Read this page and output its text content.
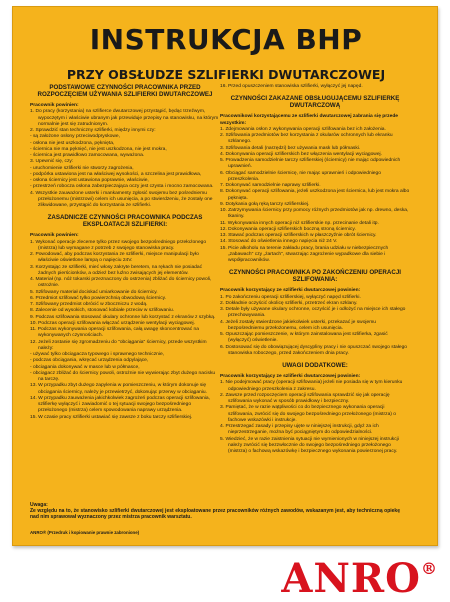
INSTRUKCJA BHP
PRZY OBSŁUDZE SZLIFIERKI DWUTARCZOWEJ

PODSTAWOWE CZYNNOŚCI PRACOWNIKA PRZED ROZPOCZĘCIEM UŻYWANIA SZLIFIERKI DWUTARCZOWEJ

Pracownik powinien:

1. Do pracy (korzystania) na szlifierce dwutarczowej przystąpić, będąc trzeźwym, wypoczętym i właściwie ubranym jak przewiduje przepisy na stanowisku, na którym normalnie jest się zatrudnionym.

2. Sprawdzić stan techniczny szlifierki, między innymi czy:

- są założone osłony przeciwodpryskowe,

- osłona nie jest uszkodzona, pęknięta,

- ściernica nie ma pęknięć, nie jest uszkodzona, nie jest mokra,

- ściernica jest prawidłowo zamocowana, wyważona.

3. Upewnić się, czy:

- uruchomienie szlifierki nie stworzy zagrożenia,

- podpórka ustawiona jest na właściwej wysokości, a szczelina jest prawidłowa,

- osłona ściernicy jest ustawiona poprawnie, właściwie,

- przestrzeń robocza osłona zabezpieczająca oczy jest czysta i mocno zamocowana.

4. Wszystkie zauważone usterki i mankamenty zgłosić swojemu bez pośredniemu przełożonemu (mistrzowi) celem ich usunięcia, a po stwierdzeniu, że zostały one zlikwidowane, przystąpić do korzystania ze szlifierki.

ZASADNICZE CZYNNOŚCI PRACOWNIKA PODCZAS EKSPLOATACJI SZLIFIERKI:

Pracownik powinien:

1. Wykonać operacje zleceme tylko przez swojego bezpośredniego przełożonego (mistrza) lub wymagane z potrzeb z swojego stanowiska pracy.

2. Powodować, aby podczas korzystania ze szlifierki, miejsce manipulacji było właściwie oświetlone lampą o napięciu 24V.

3. Korzystając ze szlifierki, mieć włosy zakryte beretem, na rękach nie posiadać żadnych pierścionków, a odzież bez luźno zwisających jej elementów.

4. Materiał (np. nóż tokarski przeznaczony do ostrzenia) zbliżać do ściernicy powoli, ostrożnie.

5. Szlifowany materiał dociskać umiarkowanie do ściernicy.

6. Przedmiot szlifować tylko powierzchnią obwodową ściernicy.

7. Szlifowany przedmiot obrócić w zboczniczu z wodą.

8. Zalecenie od wysokich, stosować kobiałe przeciw w szlifowaniu.

9. Podczas szlifowania stosować okulary ochronne lub korzystać z ekranów z szybką.

10. Podczas operacji szlifowania włączać urządzenie wentylacji wyciągowej.

11. Podczas wykonywania operacji szlifowania, całą uwagę skoncentrować na wykonywanych czynnościach.

12. Jeżeli zostanie się zgromadzeniu do "obciągania" ściernicy, przede wszystkim należy:

- używać tylko obciągacza typowego i sprawnego technicznie,

- podczas obciągania, wkręcać urządzenia odpylające,

- obciągania dokonywać w masce lub w półmasce,

- obciągacz zbliżać do ściernicy powoli, ostrożnie nie wywierając zbyt dużego nacisku na tarczę.

13. W przypadku zbyt dużego zapylenia w pomieszczeniu, w którym dokonuje się obciągania ściernicy, należy je przewietrzyć, dokonując przerwy w obciąganiu.

14. W przypadku zauważenia jakichkolwiek zagrożeń podczas operacji szlifowania, szlifierkę wyłączyć i zawiadomić o tej sytuacji swojego bezpośredniego przełożonego (mistrza) celem spowodowania naprawy urządzenia.

15. W czasie pracy szlifierki ustawiać się zawsze z boku tarczy szlifierskiej.

16. Przed opuszczeniem stanowiska szlifierki, wyłączyć jej napęd.

CZYNNOŚCI ZAKAZANE OBSŁUGUJĄCEMU SZLIFIERKĘ DWUTARCZOWĄ

Pracownikowi korzystającemu ze szlifierki dwutarczowej zabrania się przede wszystkim:

1. Zdejmowania osłon z wykonywania operacji szlifowania bez ich założenia.

2. Szlifowania przedmiotów bez korzystania z okularów ochronnych lub ekranku szklanego.

3. Szlifowania detali (narzędzi) bez używania mask lub półmaski.

4. Dokonywania operacji szlifierskich bez włączenia wentylacji wyciągowej.

5. Prowadzenia samodzielnie tarczy szlifierskiej (ściernicy) nie mając odpowiednich uprawnień.

6. Obciągać samodzielnie ściernicę, nie mając uprawnień i odpowiedniego przeszkolenia.

7. Dokonywać samodzielnie naprawy szlifierki.

8. Dokonywać operacji szlifowania, jeżeli uszkodzona jest ściernica, lub jest mokra albo pęknięta.

9. Dotykania gołą ręką tarczy szlifierskiej.

10. Zatrzymywania ściernicy przy pomocy różnych przedmiotów jak np. drewno, deska, tkaniny.

11. Wykonywania innych operacji niż szlifierskie np. przecinanie detali itp.

12. Dokonywania operacji szlifierskich boczną stroną ściernicy.

13. Stawać podczas operacji szlifierskich w płaszczyźnie obrót ściernicy.

14. Stosować do oświetlenia innego napięcia niż 24 V.

15. Picie alkoholu na terenie zakładu pracy, brania udziału w niebezpiecznych „zabawach" czy „żartach", stwarzając zagrożenie wypadkowe dla siebie i współpracowników.

CZYNNOŚCI PRACOWNIKA PO ZAKOŃCZENIU OPERACJI SZLIFOWANIA:

Pracownik korzystający ze szlifierki dwutarczowej powinien:

1. Po zakończeniu operacji szlifierskiej, wyłączyć napęd szlifierki.

2. Dokładnie oczyścić okolicę szlifierki, przetrzeć ekran szklany.

3. Detale były używane okulary ochronne, oczyścić je i odłożyć na miejsce ich stałego przechowywania.

4. Jeżeli zostały stwierdzone jakiekolwiek usterki, przekazać je swojemu bezpośredniemu przełożonemu, celem ich usunięcia.

5. Opuszczając pomieszczenie, w którym zainstalowana jest szlifierka, zgasić (wyłączyć) oświetlenie.

6. Dostosować się do obowiązującej dyscypliny pracy i nie opuszczać swojego stałego stanowiska roboczego, przed zakończeniem dnia pracy.

UWAGI DODATKOWE:

Pracownik korzystający ze szlifierki dwutarczowej powinien:

1. Nie podejmować pracy (operacji szlifowania) jeżeli nie posiada się w tym kierunku odpowiedniego przeszkolenia z zakresu.

2. Zawsze przed rozpoczęciem operacji szlifowania sprawdzić się jak operację szlifowania wykonać w sposób prawidłowy i bezpieczny.

3. Pamiętać, że w razie wątpliwości co do bezpiecznego wykonania operacji szlifowania, zwrócić się do swojego bezpośredniego przełożonego (mistrza) o fachowe wskazówki i instrukcje.

4. Przestrzegać zasady i przepisy ujęte w niniejszej instrukcji, gdyż za ich nieprzestrzeganie, można być pociągniętym do odpowiedzialności.

5. Wiedzieć, że w razie zaistnienia sytuacji nie wymienionych w niniejszej instrukcji należy zwrócić się bezzwłocznie do swojego bezpośredniego przełożonego (mistrza) o fachową wskazówkę i bezpiecznego wykonania powierzonej pracy.

Uwaga:

Ze względu na to, że stanowisko szlifierki dwutarczowej jest eksploatowane przez pracowników różnych zawodów, wskazanym jest, aby techniczną opiekę nad nim sprawował wyznaczony przez mistrza pracownik warsztatu.

ANRO® (Przedruk i kopiowanie prawnie zabronione)
ANRO®
